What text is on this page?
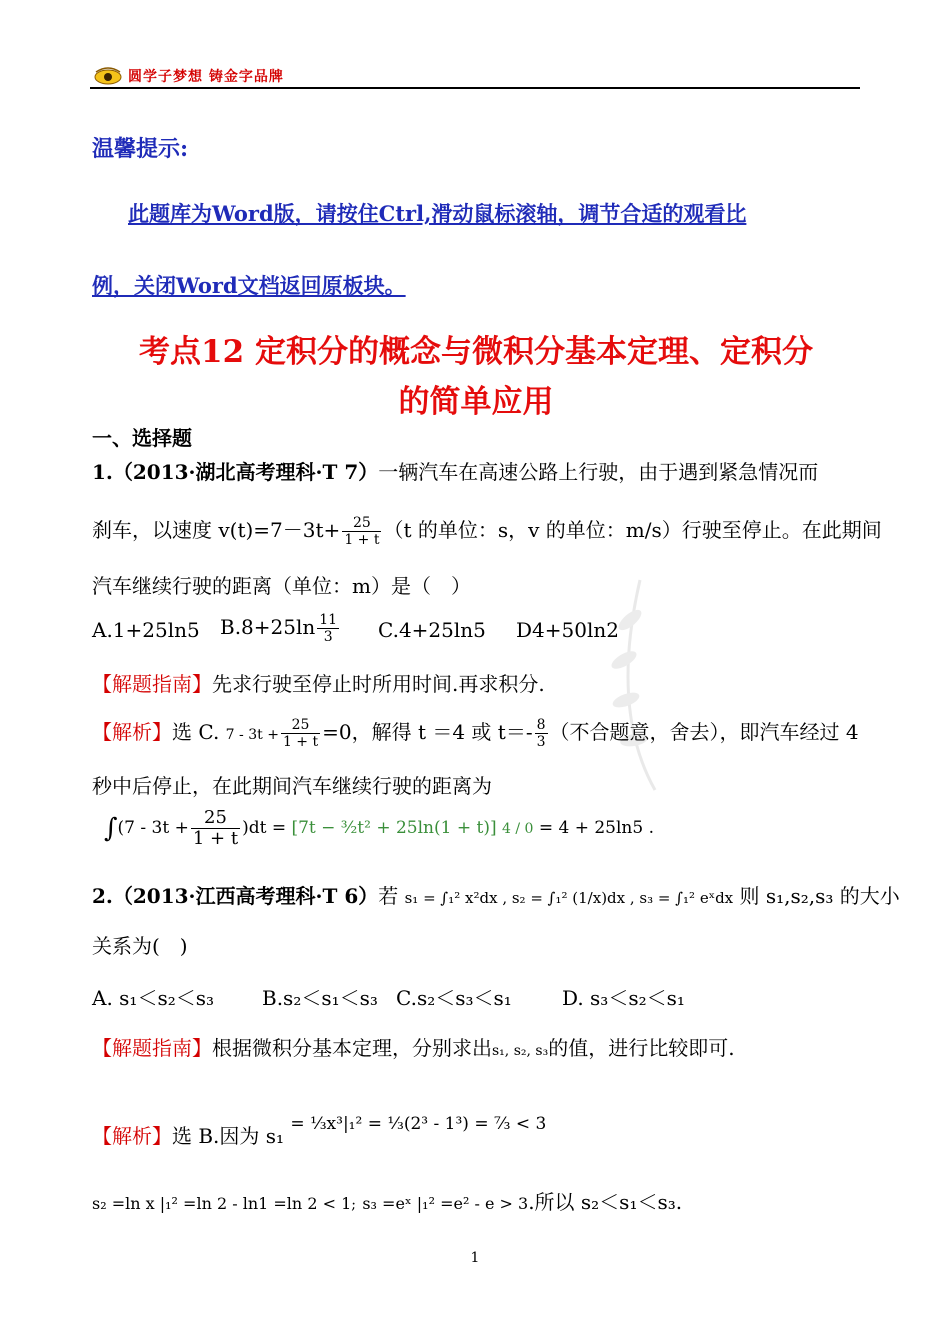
圆学子梦想 铸金字品牌
温馨提示:
此题库为Word版，请按住Ctrl,滑动鼠标滚轴，调节合适的观看比
例，关闭Word文档返回原板块。
考点12 定积分的概念与微积分基本定理、定积分
的简单应用
一、选择题
1.（2013·湖北高考理科·T 7）一辆汽车在高速公路上行驶，由于遇到紧急情况而
刹车，以速度 $v(t)=7-3t+ \frac{25}{1 + t} (t$ 的单位：s，v 的单位：m/s）行驶至停止。在此期间
汽车继续行驶的距离（单位：m）是（　）
A.1+25ln5 $B.8+25\ln \frac{11}{3} C.4+25\ln 5$ D4+50ln2
【解题指南】先求行驶至停止时所用时间.再求积分.
【解析】选 C. $7 - 3t + \frac{25}{1 + t} =0$，解得 t ＝4 或 $t=- \frac{8}{3}$ （不合题意，舍去），即汽车经过 4
秒中后停止，在此期间汽车继续行驶的距离为
$\int(7 - 3t + \frac{25}{1 + t} )dt = [7t$ − ³⁄₂t² + 25ln(1 + t)] 4 / 0 = 4 + 25ln5 .
2.（2013·江西高考理科·T 6）若 s₁ = ∫₁² x²dx , s₂ = ∫₁² (1/x)dx , s₃ = ∫₁² eˣdx 则 s₁,s₂,s₃ 的大小
关系为(　)
A. s₁＜s₂＜s₃ B.s₂＜s₁＜s₃ C.s₂＜s₃＜s₁	D. s₃＜s₂＜s₁
【解题指南】根据微积分基本定理，分别求出s₁, s₂, s₃的值，进行比较即可.
【解析】选 B.因为 s₁ $^{= \frac{1}{3}x^3|_1^2 = \frac{1}{3}(2^3 - 1^3) = ^7⁄_3 < 3}$
s₂ =ln x |₁² =ln 2 - ln1 =ln 2 < 1; s₃ =eˣ |₁² =e² - e > 3.所以 s₂＜s₁＜s₃.
1
